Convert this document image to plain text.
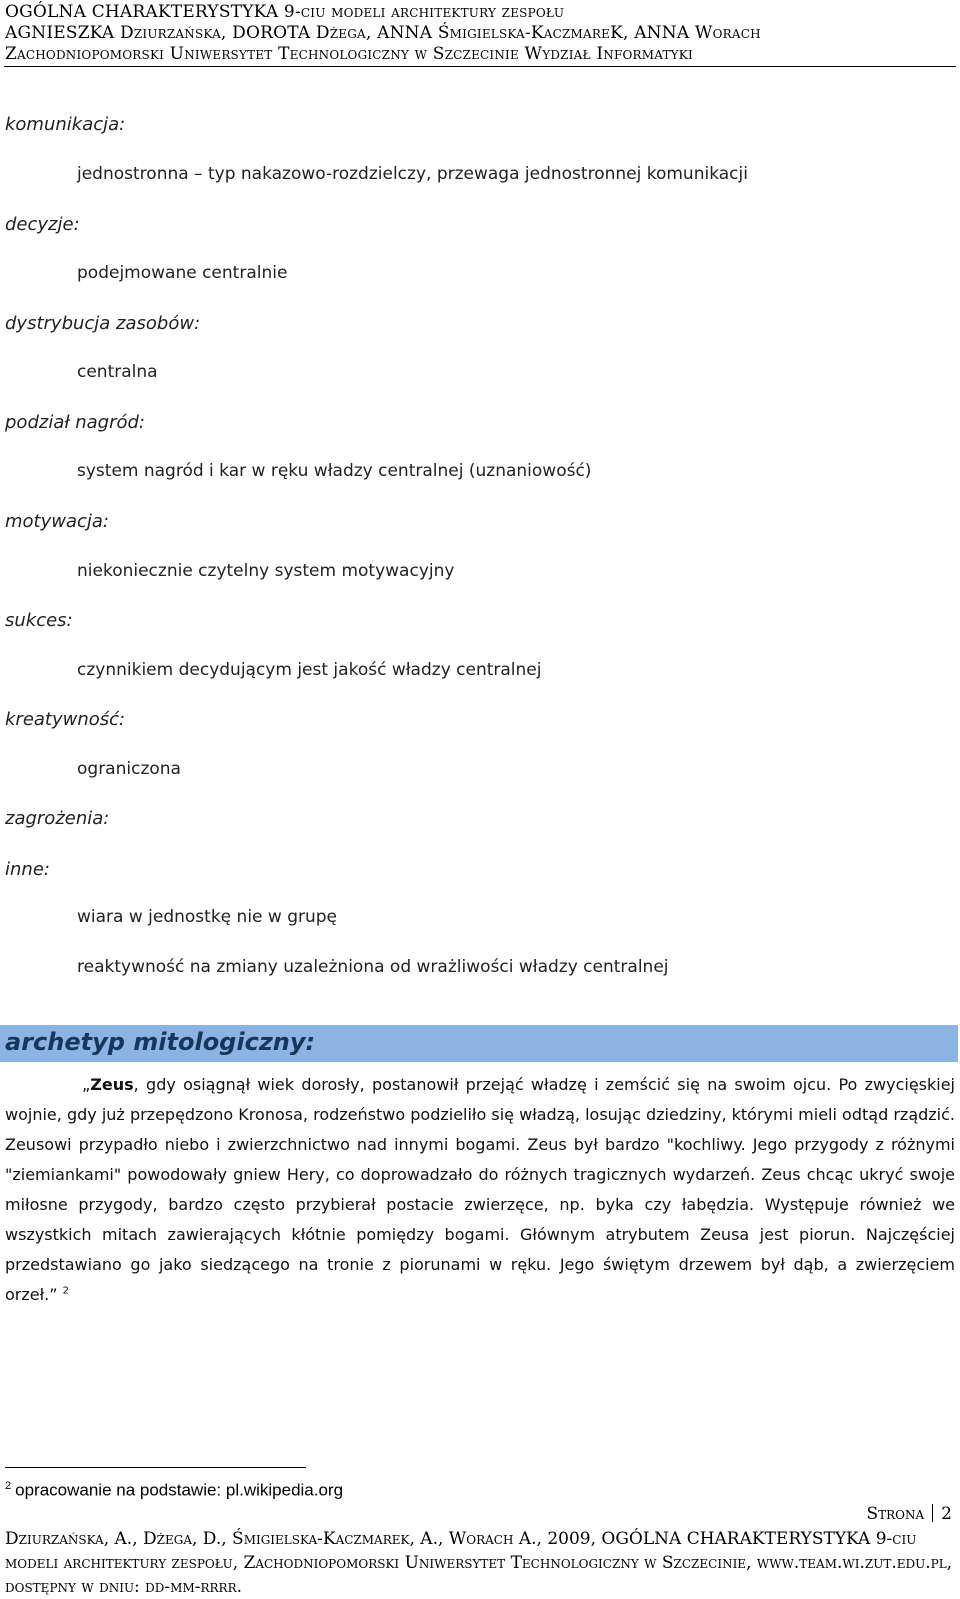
OGÓLNA CHARAKTERYSTYKA 9-ciu modeli architektury zespołu
AGNIESZKA Dziurzańska, DOROTA Dżega, ANNA Śmigielska-KaczmareK, ANNA Worach
Zachodniopomorski Uniwersytet Technologiczny w Szczecinie Wydział Informatyki
komunikacja:
jednostronna – typ nakazowo-rozdzielczy, przewaga jednostronnej komunikacji
decyzje:
podejmowane centralnie
dystrybucja zasobów:
centralna
podział nagród:
system nagród i kar w ręku władzy centralnej (uznaniowość)
motywacja:
niekoniecznie czytelny system motywacyjny
sukces:
czynnikiem decydującym jest jakość władzy centralnej
kreatywność:
ograniczona
zagrożenia:
inne:
wiara w jednostkę nie w grupę
reaktywność na zmiany uzależniona od wrażliwości władzy centralnej
archetyp mitologiczny:

„Zeus, gdy osiągnął wiek dorosły, postanowił przejąć władzę i zemścić się na swoim ojcu. Po zwycięskiej wojnie, gdy już przepędzono Kronosa, rodzeństwo podzieliło się władzą, losując dziedziny, którymi mieli odtąd rządzić. Zeusowi przypadło niebo i zwierzchnictwo nad innymi bogami. Zeus był bardzo "kochliwy. Jego przygody z różnymi "ziemiankami" powodowały gniew Hery, co doprowadzało do różnych tragicznych wydarzeń. Zeus chcąc ukryć swoje miłosne przygody, bardzo często przybierał postacie zwierzęce, np. byka czy łabędzia. Występuje również we wszystkich mitach zawierających kłótnie pomiędzy bogami. Głównym atrybutem Zeusa jest piorun. Najczęściej przedstawiano go jako siedzącego na tronie z piorunami w ręku. Jego świętym drzewem był dąb, a zwierzęciem orzeł.” $^2$

$^2$ opracowanie na podstawie: pl.wikipedia.org
Strona 2
Dziurzańska, A., Dżega, D., Śmigielska-Kaczmarek, A., Worach A., 2009, OGÓLNA CHARAKTERYSTYKA 9-ciu modeli architektury zespołu, Zachodniopomorski Uniwersytet Technologiczny w Szczecinie, www.team.wi.zut.edu.pl, dostępny w dniu: dd-mm-rrrr.
